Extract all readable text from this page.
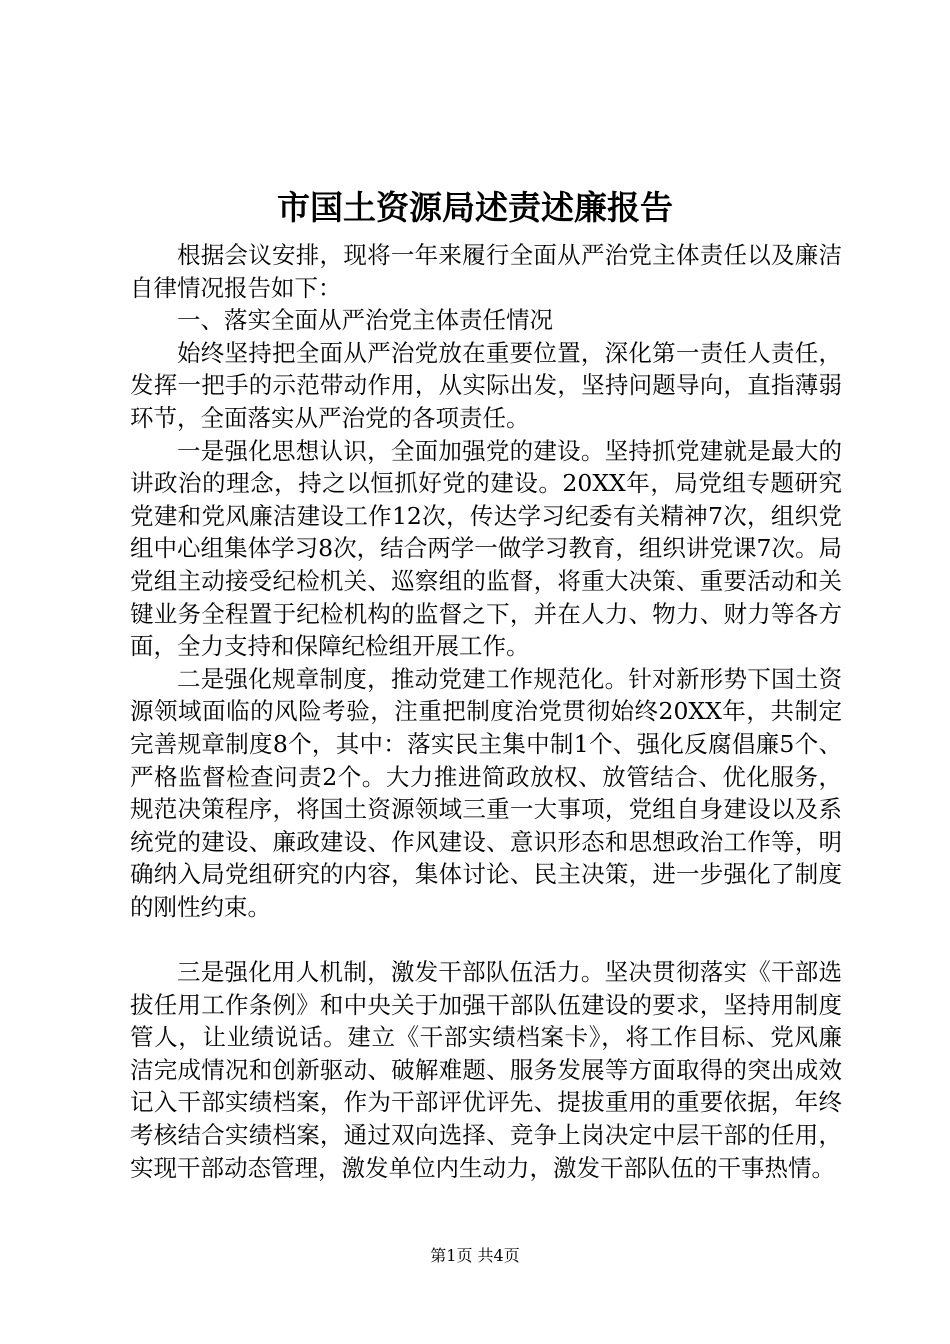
市国土资源局述责述廉报告

根据会议安排，现将一年来履行全面从严治党主体责任以及廉洁自律情况报告如下：

一、落实全面从严治党主体责任情况

始终坚持把全面从严治党放在重要位置，深化第一责任人责任，发挥一把手的示范带动作用，从实际出发，坚持问题导向，直指薄弱环节，全面落实从严治党的各项责任。

一是强化思想认识，全面加强党的建设。坚持抓党建就是最大的讲政治的理念，持之以恒抓好党的建设。20XX年，局党组专题研究党建和党风廉洁建设工作12次，传达学习纪委有关精神7次，组织党组中心组集体学习8次，结合两学一做学习教育，组织讲党课7次。局党组主动接受纪检机关、巡察组的监督，将重大决策、重要活动和关键业务全程置于纪检机构的监督之下，并在人力、物力、财力等各方面，全力支持和保障纪检组开展工作。

二是强化规章制度，推动党建工作规范化。针对新形势下国土资源领域面临的风险考验，注重把制度治党贯彻始终20XX年，共制定完善规章制度8个，其中：落实民主集中制1个、强化反腐倡廉5个、严格监督检查问责2个。大力推进简政放权、放管结合、优化服务，规范决策程序，将国土资源领域三重一大事项，党组自身建设以及系统党的建设、廉政建设、作风建设、意识形态和思想政治工作等，明确纳入局党组研究的内容，集体讨论、民主决策，进一步强化了制度的刚性约束。

三是强化用人机制，激发干部队伍活力。坚决贯彻落实《干部选拔任用工作条例》和中央关于加强干部队伍建设的要求，坚持用制度管人，让业绩说话。建立《干部实绩档案卡》，将工作目标、党风廉洁完成情况和创新驱动、破解难题、服务发展等方面取得的突出成效记入干部实绩档案，作为干部评优评先、提拔重用的重要依据，年终考核结合实绩档案，通过双向选择、竞争上岗决定中层干部的任用，实现干部动态管理，激发单位内生动力，激发干部队伍的干事热情。

第1页 共4页
